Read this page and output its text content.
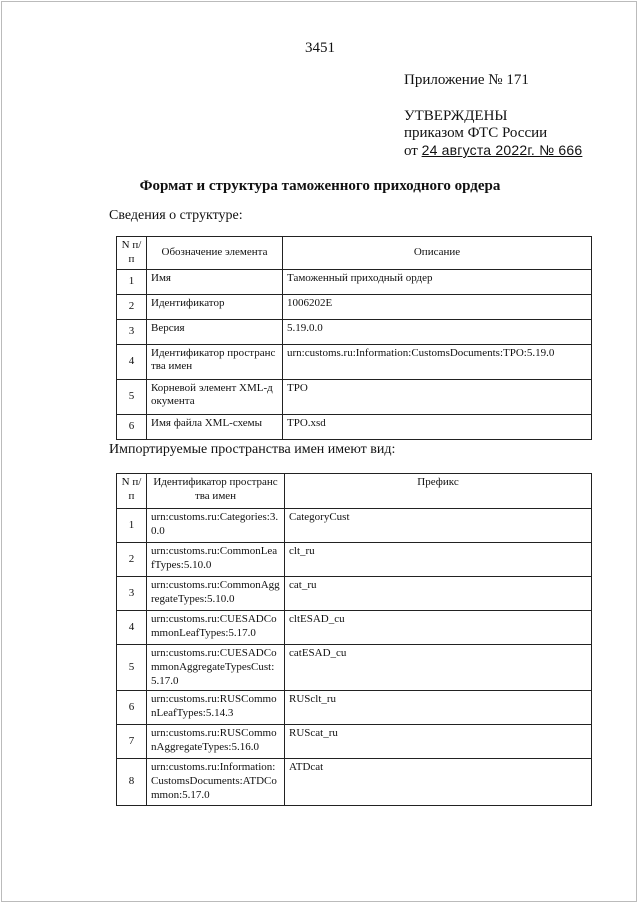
3451
Приложение № 171
УТВЕРЖДЕНЫ
приказом ФТС России
от 24 августа 2022г. № 666
Формат и структура таможенного приходного ордера
Сведения о структуре:
N п/п	Обозначение элемента	Описание
1	Имя	Таможенный приходный ордер
2	Идентификатор	1006202E
3	Версия	5.19.0.0
4	Идентификатор пространства имен	urn:customs.ru:Information:CustomsDocuments:TPO:5.19.0
5	Корневой элемент XML-документа	TPO
6	Имя файла XML-схемы	TPO.xsd
Импортируемые пространства имен имеют вид:
N п/п	Идентификатор пространства имен	Префикс
1	urn:customs.ru:Categories:3.0.0	CategoryCust
2	urn:customs.ru:CommonLeafTypes:5.10.0	clt_ru
3	urn:customs.ru:CommonAggregateTypes:5.10.0	cat_ru
4	urn:customs.ru:CUESADCommonLeafTypes:5.17.0	cltESAD_cu
5	urn:customs.ru:CUESADCommonAggregateTypesCust:5.17.0	catESAD_cu
6	urn:customs.ru:RUSCommonLeafTypes:5.14.3	RUSclt_ru
7	urn:customs.ru:RUSCommonAggregateTypes:5.16.0	RUScat_ru
8	urn:customs.ru:Information:CustomsDocuments:ATDCommon:5.17.0	ATDcat
